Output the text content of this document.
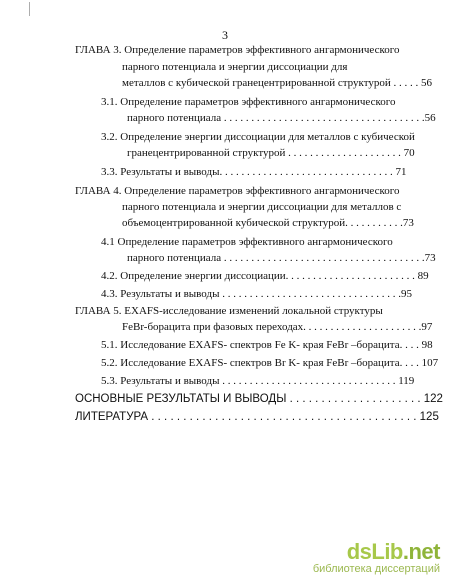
3
ГЛАВА 3. Определение параметров эффективного ангармонического
парного потенциала и энергии диссоциации для
металлов с кубической гранецентрированной структурой . . . . . 56
3.1. Определение параметров эффективного ангармонического
парного потенциала . . . . . . . . . . . . . . . . . . . . . . . . . . . . . . . . . . . . .56
3.2. Определение энергии диссоциации для металлов с кубической
гранецентрированной структурой . . . . . . . . . . . . . . . . . . . . . 70
3.3. Результаты и выводы. . . . . . . . . . . . . . . . . . . . . . . . . . . . . . . . 71
ГЛАВА 4. Определение параметров эффективного ангармонического
парного потенциала и энергии диссоциации для металлов с
объемоцентрированной кубической структурой. . . . . . . . . . .73
4.1 Определение параметров эффективного ангармонического
парного потенциала . . . . . . . . . . . . . . . . . . . . . . . . . . . . . . . . . . . . .73
4.2. Определение энергии диссоциации. . . . . . . . . . . . . . . . . . . . . . . . 89
4.3. Результаты и выводы . . . . . . . . . . . . . . . . . . . . . . . . . . . . . . . . .95
ГЛАВА 5. EXAFS-исследование изменений локальной структуры
FeBr-борацита при фазовых переходах. . . . . . . . . . . . . . . . . . . . . .97
5.1. Исследование EXAFS- спектров Fe K- края FeBr –борацита. . . . 98
5.2. Исследование EXAFS- спектров Br K- края FeBr –борацита. . . . 107
5.3. Результаты и выводы . . . . . . . . . . . . . . . . . . . . . . . . . . . . . . . . 119
ОСНОВНЫЕ РЕЗУЛЬТАТЫ И ВЫВОДЫ . . . . . . . . . . . . . . . . . . . . . 122
ЛИТЕРАТУРА . . . . . . . . . . . . . . . . . . . . . . . . . . . . . . . . . . . . . . . . . . 125
dsLib.net
библиотека диссертаций
